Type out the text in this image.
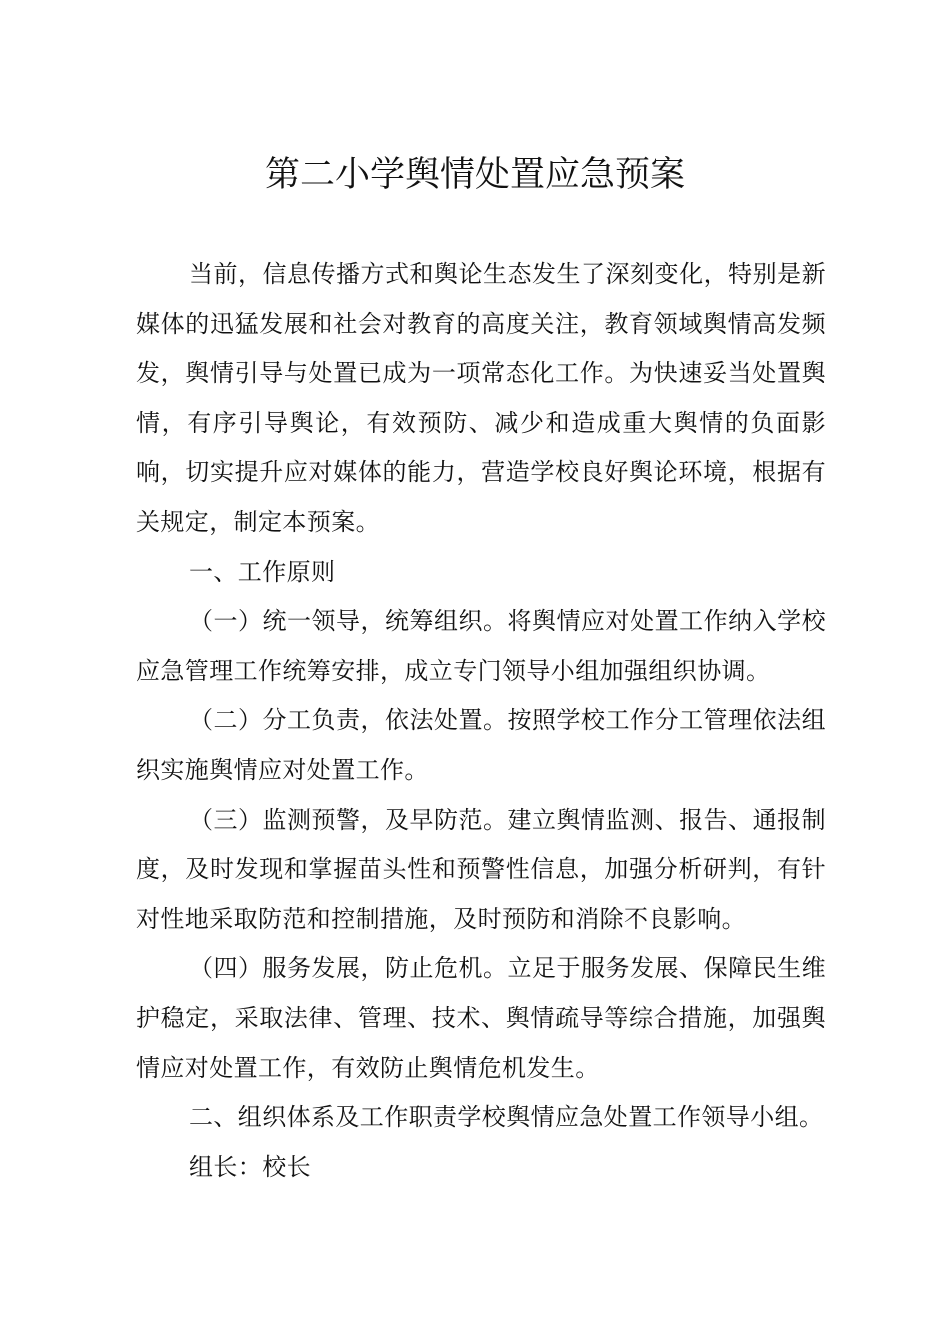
第二小学舆情处置应急预案

当前，信息传播方式和舆论生态发生了深刻变化，特别是新媒体的迅猛发展和社会对教育的高度关注，教育领域舆情高发频发，舆情引导与处置已成为一项常态化工作。为快速妥当处置舆情，有序引导舆论，有效预防、减少和造成重大舆情的负面影响，切实提升应对媒体的能力，营造学校良好舆论环境，根据有关规定，制定本预案。

一、工作原则

（一）统一领导，统筹组织。将舆情应对处置工作纳入学校应急管理工作统筹安排，成立专门领导小组加强组织协调。

（二）分工负责，依法处置。按照学校工作分工管理依法组织实施舆情应对处置工作。

（三）监测预警，及早防范。建立舆情监测、报告、通报制度，及时发现和掌握苗头性和预警性信息，加强分析研判，有针对性地采取防范和控制措施，及时预防和消除不良影响。

（四）服务发展，防止危机。立足于服务发展、保障民生维护稳定，采取法律、管理、技术、舆情疏导等综合措施，加强舆情应对处置工作，有效防止舆情危机发生。

二、组织体系及工作职责学校舆情应急处置工作领导小组。

组长：校长
